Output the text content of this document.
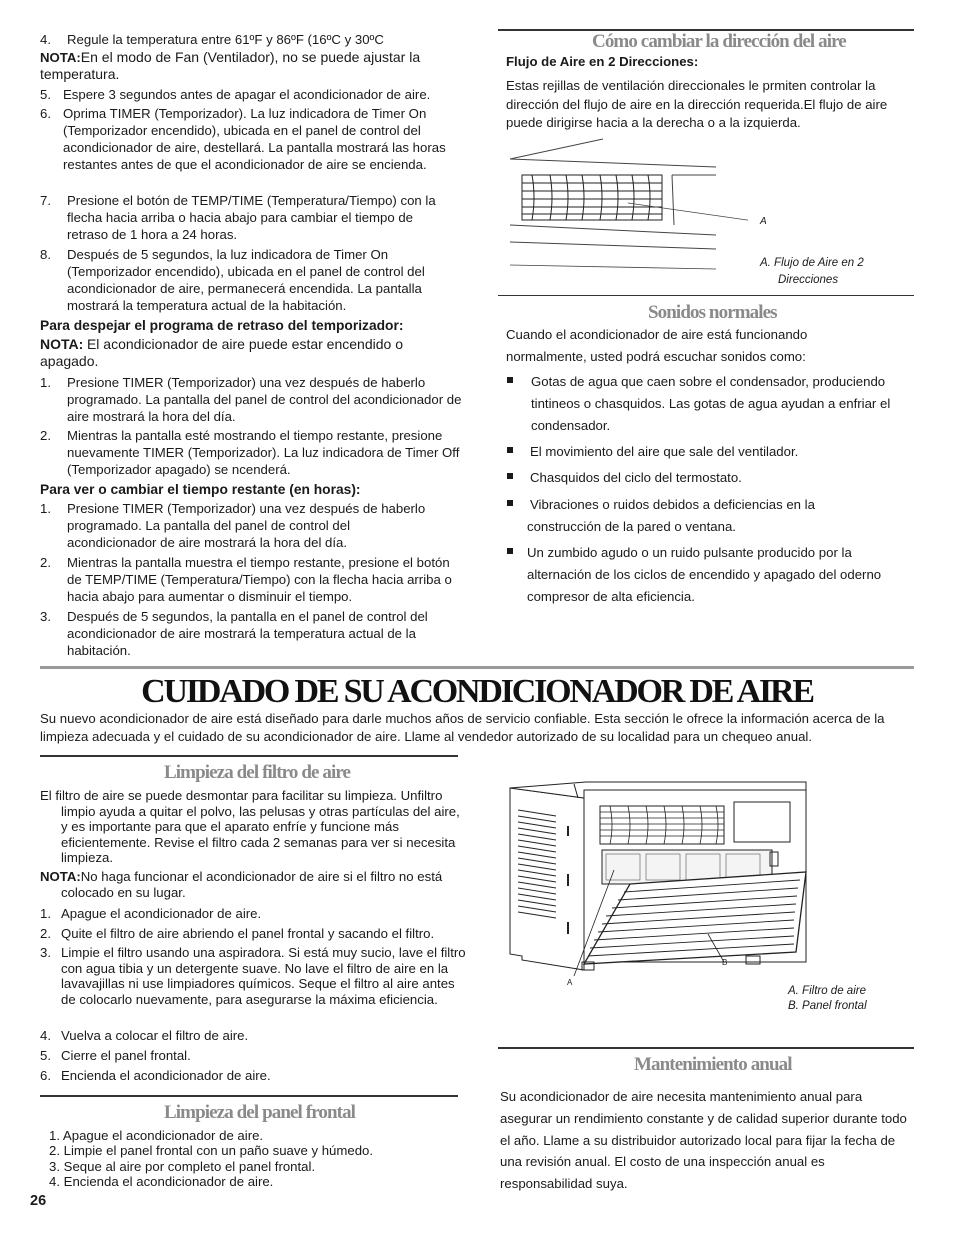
4.	Regule la temperatura entre 61ºF y 86ºF (16ºC y 30ºC
NOTA:En el modo de Fan (Ventilador), no se puede ajustar la temperatura.
5. Espere 3 segundos antes de apagar el acondicionador de aire.
6. Oprima TIMER (Temporizador). La luz indicadora de Timer On (Temporizador encendido), ubicada en el panel de control del acondicionador de aire, destellará. La pantalla mostrará las horas restantes antes de que el acondicionador de aire se encienda.
7.	Presione el botón de TEMP/TIME (Temperatura/Tiempo) con la flecha hacia arriba o hacia abajo para cambiar el tiempo de retraso de 1 hora a 24 horas.
8.	Después de 5 segundos, la luz indicadora de Timer On (Temporizador encendido), ubicada en el panel de control del acondicionador de aire, permanecerá encendida. La pantalla mostrará la temperatura actual de la habitación.
Para despejar el programa de retraso del temporizador:
NOTA: El acondicionador de aire puede estar encendido o apagado.
1.	Presione TIMER (Temporizador) una vez después de haberlo programado. La pantalla del panel de control del acondicionador de aire mostrará la hora del día.
2.	Mientras la pantalla esté mostrando el tiempo restante, presione nuevamente TIMER (Temporizador). La luz indicadora de Timer Off (Temporizador apagado) se ncenderá.
Para ver o cambiar el tiempo restante (en horas):
1.	Presione TIMER (Temporizador) una vez después de haberlo programado. La pantalla del panel de control del acondicionador de aire mostrará la hora del día.
2.	Mientras la pantalla muestra el tiempo restante, presione el botón de TEMP/TIME (Temperatura/Tiempo) con la flecha hacia arriba o hacia abajo para aumentar o disminuir el tiempo.
3.	Después de 5 segundos, la pantalla en el panel de control del acondicionador de aire mostrará la temperatura actual de la habitación.
Cómo cambiar la dirección del aire
Flujo de Aire en 2 Direcciones:
Estas rejillas de ventilación direccionales le prmiten controlar la dirección del flujo de aire en la dirección requerida.El flujo de aire puede dirigirse hacia a la derecha o a la izquierda.
A
A. Flujo de Aire en 2
Direcciones
Sonidos normales
Cuando el acondicionador de aire está funcionando normalmente, usted podrá escuchar sonidos como:
Gotas de agua que caen sobre el condensador, produciendo tintineos o chasquidos. Las gotas de agua ayudan a enfriar el condensador.
El movimiento del aire que sale del ventilador.
Chasquidos del ciclo del termostato.
Vibraciones o ruidos debidos a deficiencias en la construcción de la pared o ventana.
Un zumbido agudo o un ruido pulsante producido por la alternación de los ciclos de encendido y apagado del oderno compresor de alta eficiencia.
CUIDADO DE SU ACONDICIONADOR DE AIRE
Su nuevo acondicionador de aire está diseñado para darle muchos años de servicio confiable. Esta sección le ofrece la información acerca de la limpieza adecuada y el cuidado de su acondicionador de aire. Llame al vendedor autorizado de su localidad para un chequeo anual.
Limpieza del filtro de aire
El filtro de aire se puede desmontar para facilitar su limpieza. Unfiltro limpio ayuda a quitar el polvo, las pelusas y otras partículas del aire, y es importante para que el aparato enfríe y funcione más eficientemente. Revise el filtro cada 2 semanas para ver si necesita limpieza.
NOTA:No haga funcionar el acondicionador de aire si el filtro no está colocado en su lugar.
1. Apague el acondicionador de aire.
2. Quite el filtro de aire abriendo el panel frontal y sacando el filtro.
3. Limpie el filtro usando una aspiradora. Si está muy sucio, lave el filtro con agua tibia y un detergente suave. No lave el filtro de aire en la lavavajillas ni use limpiadores químicos. Seque el filtro al aire antes de colocarlo nuevamente, para asegurarse la máxima eficiencia.
4. Vuelva a colocar el filtro de aire.
5. Cierre el panel frontal.
6. Encienda el acondicionador de aire.
Limpieza del panel frontal
1. Apague el acondicionador de aire.
2. Limpie el panel frontal con un paño suave y húmedo.
3. Seque al aire por completo el panel frontal.
4. Encienda el acondicionador de aire.
A
B
A. Filtro de aire
B. Panel frontal
Mantenimiento anual
Su acondicionador de aire necesita mantenimiento anual para asegurar un rendimiento constante y de calidad superior durante todo el año. Llame a su distribuidor autorizado local para fijar la fecha de una revisión anual. El costo de una inspección anual es responsabilidad suya.
26
